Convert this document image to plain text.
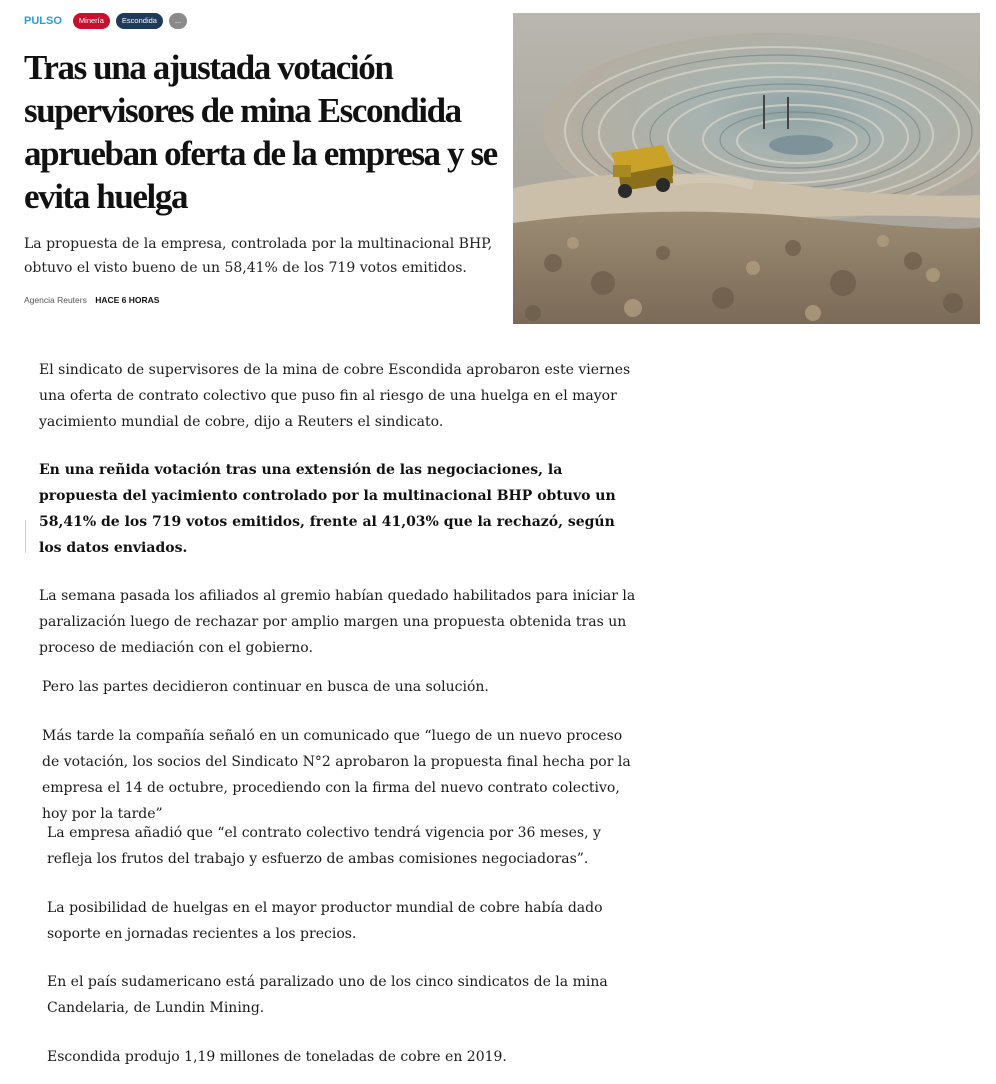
PULSO	Minería	Escondida	...
Tras una ajustada votación supervisores de mina Escondida aprueban oferta de la empresa y se evita huelga

La propuesta de la empresa, controlada por la multinacional BHP, obtuvo el visto bueno de un 58,41% de los 719 votos emitidos.

Agencia Reuters HACE 6 HORAS

El sindicato de supervisores de la mina de cobre Escondida aprobaron este viernes una oferta de contrato colectivo que puso fin al riesgo de una huelga en el mayor yacimiento mundial de cobre, dijo a Reuters el sindicato.

En una reñida votación tras una extensión de las negociaciones, la propuesta del yacimiento controlado por la multinacional BHP obtuvo un 58,41% de los 719 votos emitidos, frente al 41,03% que la rechazó, según los datos enviados.

La semana pasada los afiliados al gremio habían quedado habilitados para iniciar la paralización luego de rechazar por amplio margen una propuesta obtenida tras un proceso de mediación con el gobierno.

Pero las partes decidieron continuar en busca de una solución.

Más tarde la compañía señaló en un comunicado que “luego de un nuevo proceso de votación, los socios del Sindicato N°2 aprobaron la propuesta final hecha por la empresa el 14 de octubre, procediendo con la firma del nuevo contrato colectivo, hoy por la tarde”

La empresa añadió que “el contrato colectivo tendrá vigencia por 36 meses, y refleja los frutos del trabajo y esfuerzo de ambas comisiones negociadoras”.

La posibilidad de huelgas en el mayor productor mundial de cobre había dado soporte en jornadas recientes a los precios.

En el país sudamericano está paralizado uno de los cinco sindicatos de la mina Candelaria, de Lundin Mining.

Escondida produjo 1,19 millones de toneladas de cobre en 2019.
